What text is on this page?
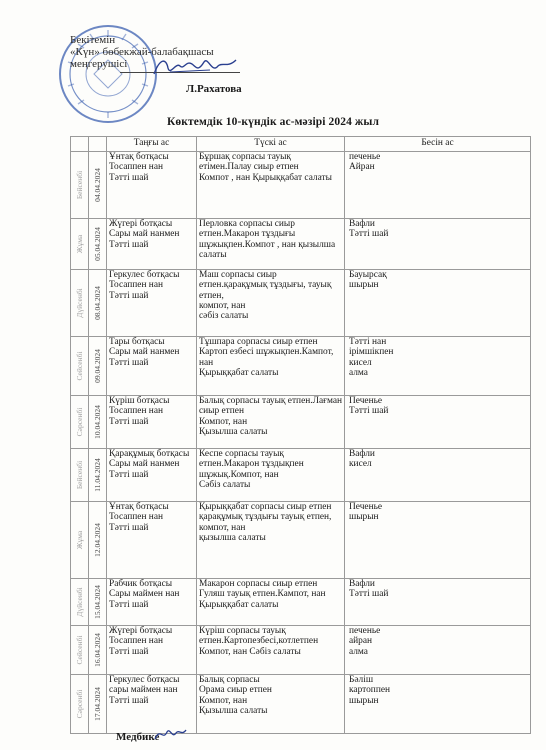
Бекітемін
«Күн» бөбекжай-балабақшасы
меңгерушісі
Л.Рахатова
Көктемдік 10-күндік ас-мәзірі 2024 жыл
		Таңғы ас	Түскі ас	Бесін ас

Бейсенбі	04.04.2024	Ұнтақ ботқасы
Тосаппен нан
Тәтті шай	Бұршақ сорпасы тауық етімен.Палау сиыр етпен
Компот , нан Қырыққабат салаты	печенье
Айран

Жұма	05.04.2024	Жүгері ботқасы
Сары май нанмен
Тәтті шай	Перловка сорпасы сиыр етпен.Макарон тұздығы шұжықпен.Компот , нан қызылша салаты	Вафли
Тәтті шай

Дүйсенбі	08.04.2024	Геркулес ботқасы
Тосаппен нан
Тәтті шай	Маш сорпасы сиыр етпен.қарақұмық тұздығы, тауық етпен,
компот, нан
сәбіз салаты	Бауырсақ
шырын

Сейсенбі	09.04.2024	Тары ботқасы
Сары май нанмен
Тәтті шай	Тұшпара сорпасы сиыр етпен
Картоп езбесі шұжықпен.Кампот, нан
Қырыққабат салаты	Тәтті нан
ірімшікпен
кисел
алма

Сәрсенбі	10.04.2024	Күріш ботқасы
Тосаппен нан
Тәтті шай	Балық сорпасы тауық етпен.Лағман сиыр етпен
Компот, нан
Қызылша салаты	Печенье
Тәтті шай

Бейсенбі	11.04.2024	Қарақұмық ботқасы
Сары май нанмен
Тәтті шай	Кеспе сорпасы тауық етпен.Макарон тұздықпен шұжық.Компот, нан
Сәбіз салаты	Вафли
кисел

Жұма	12.04.2024	Ұнтақ ботқасы
Тосаппен нан
Тәтті шай	Қырыққабат сорпасы сиыр етпен
қарақұмық тұздығы тауық етпен,
компот, нан
қызылша салаты	Печенье
шырын

Дүйсенбі	15.04.2024	Рабчик ботқасы
Сары маймен нан
Тәтті шай	Макарон сорпасы сиыр етпен
Гуляш тауық етпен.Кампот, нан
Қырыққабат салаты	Вафли
Тәтті шай

Сейсенбі	16.04.2024	Жүгері ботқасы
Тосаппен нан
Тәтті шай	Күріш сорпасы тауық етпен.Картопезбесі,котлетпен
Компот, нан Сәбіз салаты	печенье
айран
алма

Сәрсенбі	17.04.2024	Геркулес ботқасы
сары маймен нан
Тәтті шай	Балық сорпасы
Орама сиыр етпен
Компот, нан
Қызылша салаты	Бәліш
картоппен
шырын
Медбике
